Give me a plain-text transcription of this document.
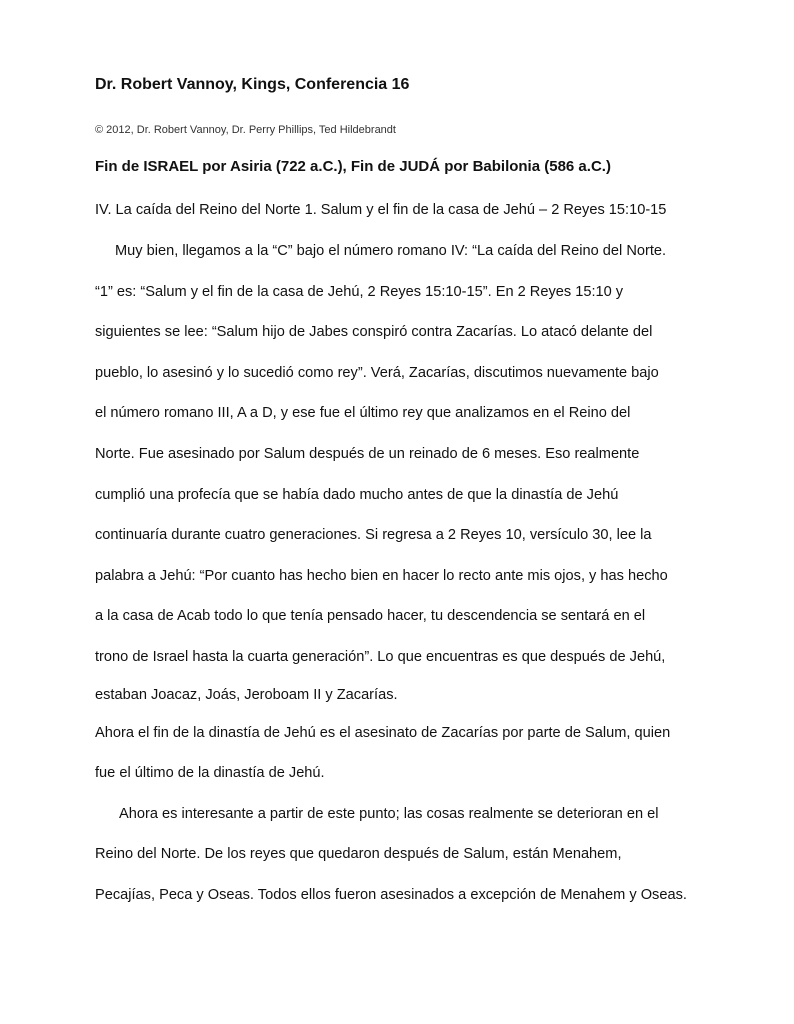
Dr. Robert Vannoy, Kings, Conferencia 16
© 2012, Dr. Robert Vannoy, Dr. Perry Phillips, Ted Hildebrandt
Fin de ISRAEL por Asiria (722 a.C.), Fin de JUDÁ por Babilonia (586 a.C.)
IV. La caída del Reino del Norte 1. Salum y el fin de la casa de Jehú – 2 Reyes 15:10-15
Muy bien, llegamos a la “C” bajo el número romano IV: “La caída del Reino del Norte.
“1” es: “Salum y el fin de la casa de Jehú, 2 Reyes 15:10-15”. En 2 Reyes 15:10 y
siguientes se lee: “Salum hijo de Jabes conspiró contra Zacarías. Lo atacó delante del
pueblo, lo asesinó y lo sucedió como rey”. Verá, Zacarías, discutimos nuevamente bajo
el número romano III, A a D, y ese fue el último rey que analizamos en el Reino del
Norte. Fue asesinado por Salum después de un reinado de 6 meses. Eso realmente
cumplió una profecía que se había dado mucho antes de que la dinastía de Jehú
continuaría durante cuatro generaciones. Si regresa a 2 Reyes 10, versículo 30, lee la
palabra a Jehú: “Por cuanto has hecho bien en hacer lo recto ante mis ojos, y has hecho
a la casa de Acab todo lo que tenía pensado hacer, tu descendencia se sentará en el
trono de Israel hasta la cuarta generación”. Lo que encuentras es que después de Jehú,
estaban Joacaz, Joás, Jeroboam II y Zacarías.
Ahora el fin de la dinastía de Jehú es el asesinato de Zacarías por parte de Salum, quien
fue el último de la dinastía de Jehú.
Ahora es interesante a partir de este punto; las cosas realmente se deterioran en el
Reino del Norte. De los reyes que quedaron después de Salum, están Menahem,
Pecajías, Peca y Oseas. Todos ellos fueron asesinados a excepción de Menahem y Oseas.
